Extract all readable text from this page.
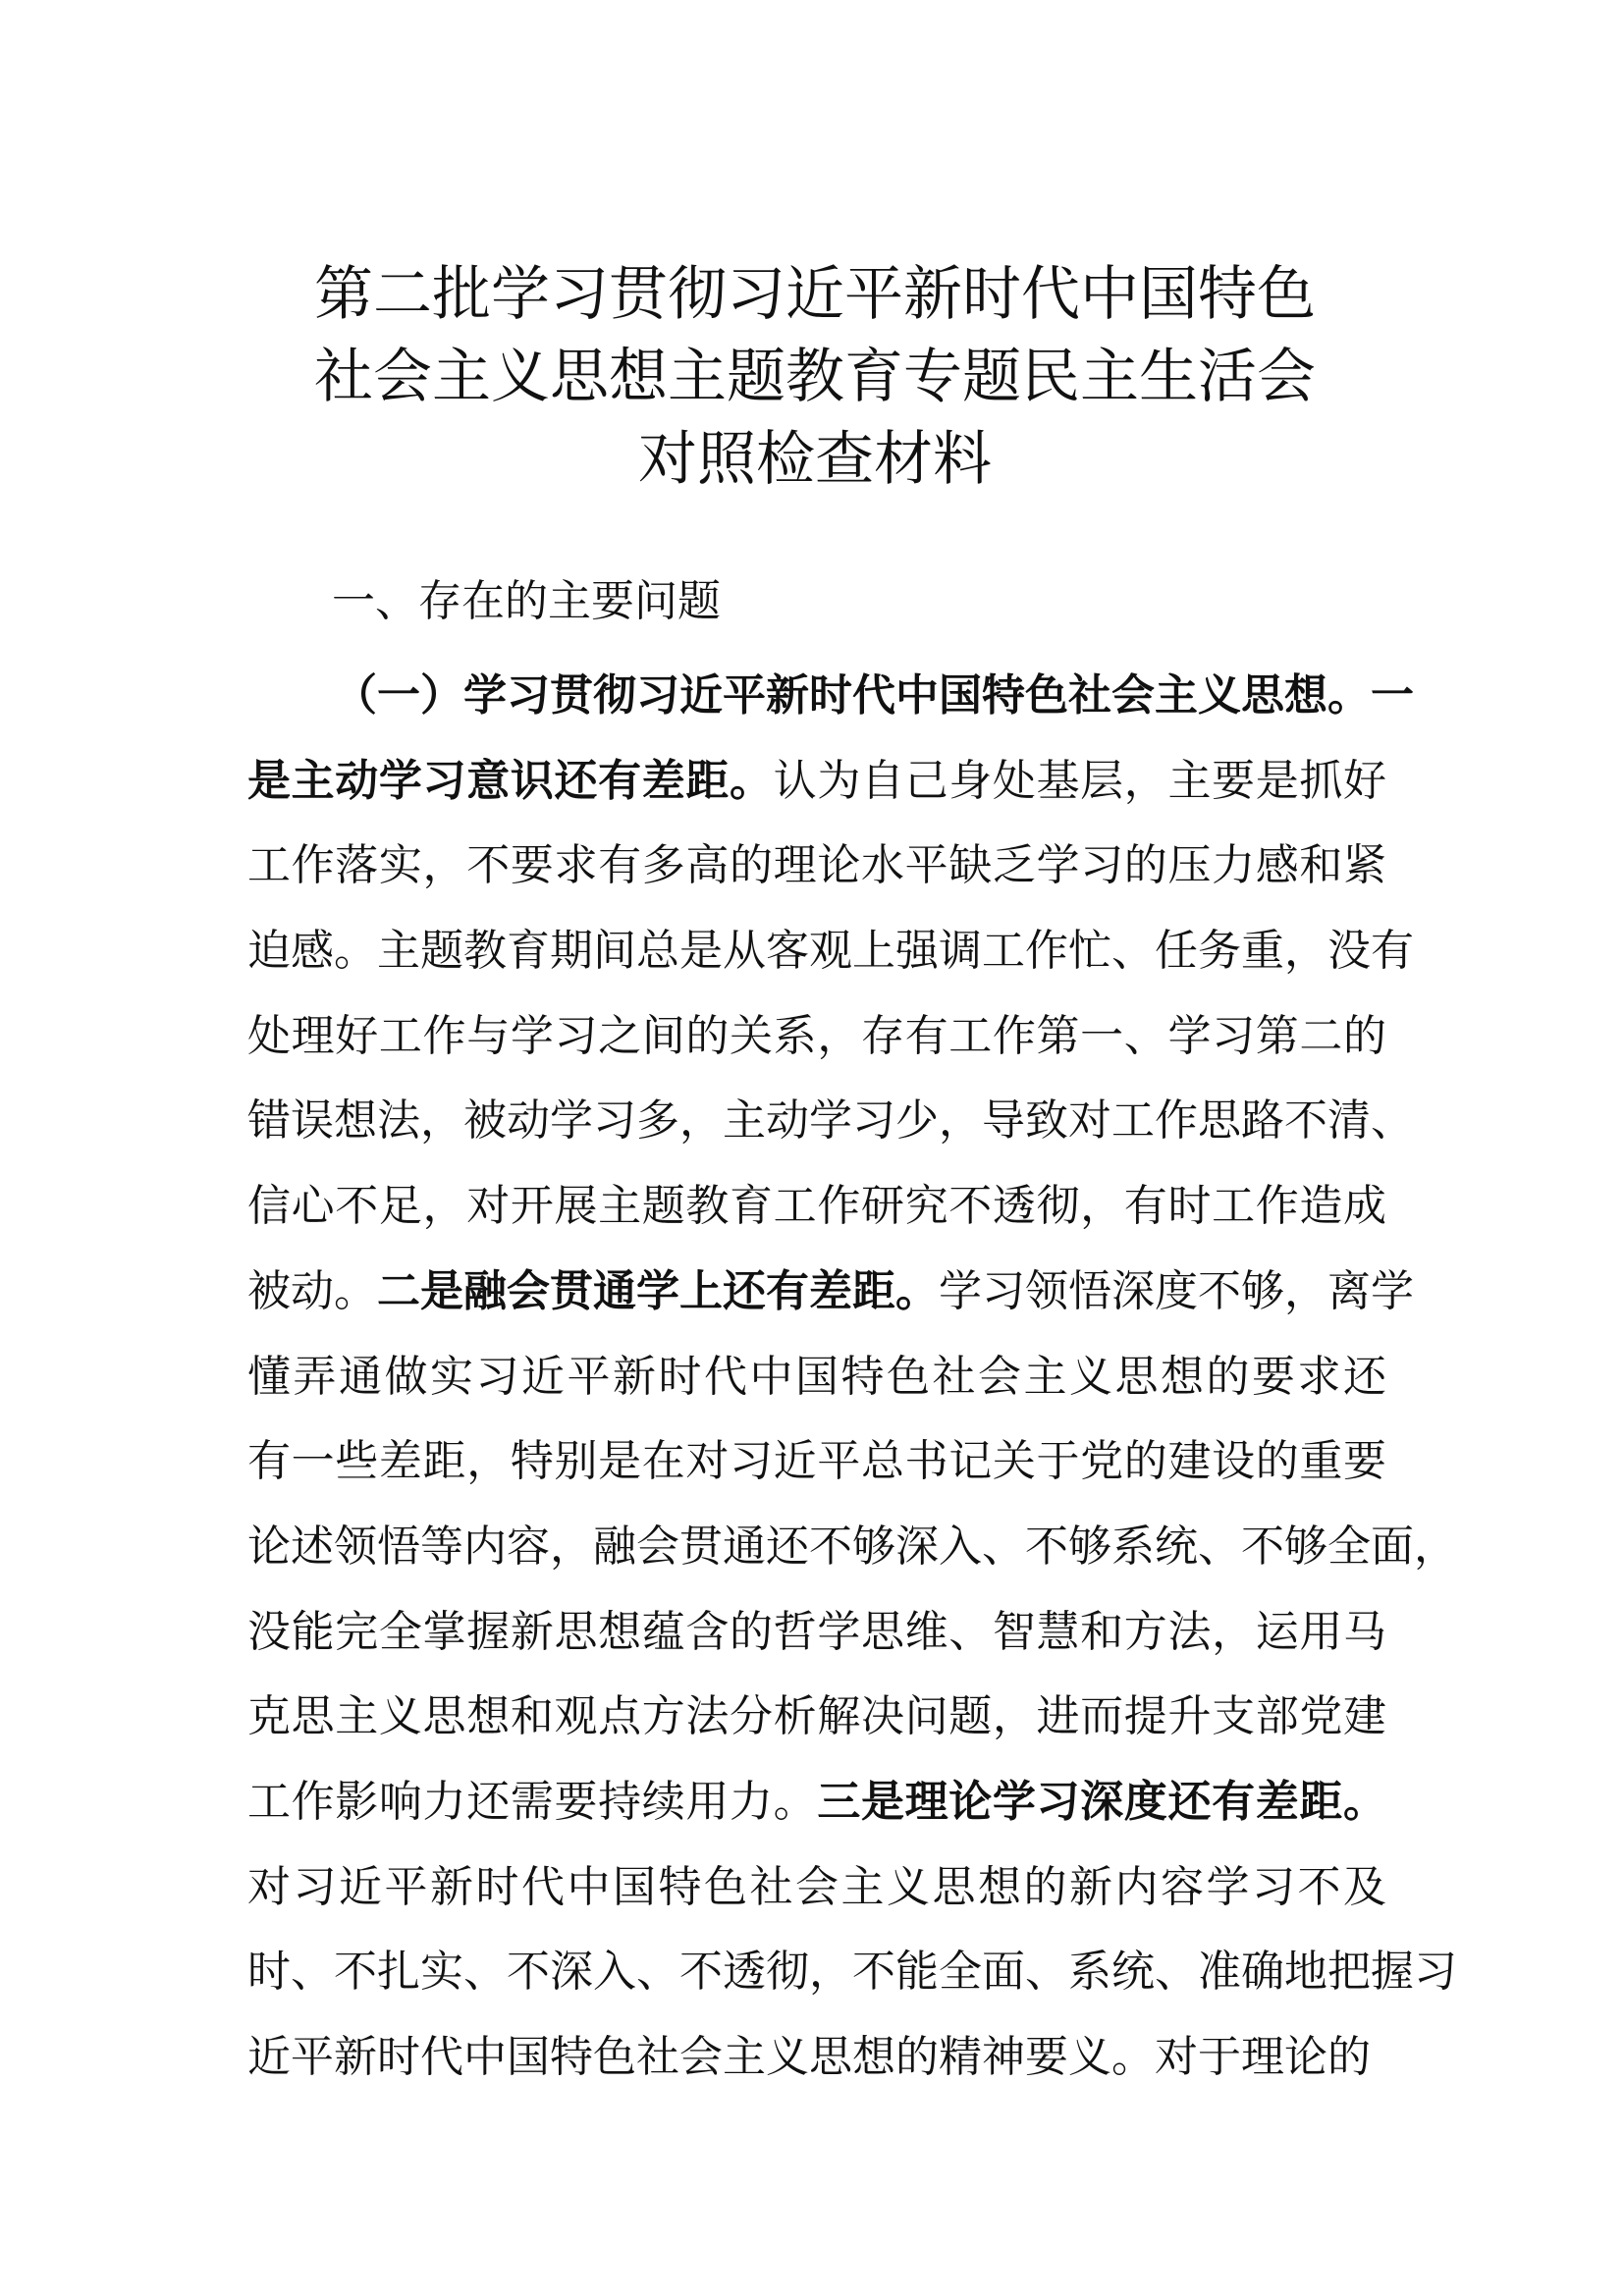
第二批学习贯彻习近平新时代中国特色
社会主义思想主题教育专题民主生活会
对照检查材料
一、存在的主要问题
（一）学习贯彻习近平新时代中国特色社会主义思想。一
是主动学习意识还有差距。认为自己身处基层，主要是抓好
工作落实，不要求有多高的理论水平缺乏学习的压力感和紧
迫感。主题教育期间总是从客观上强调工作忙、任务重，没有
处理好工作与学习之间的关系，存有工作第一、学习第二的
错误想法，被动学习多，主动学习少，导致对工作思路不清、
信心不足，对开展主题教育工作研究不透彻，有时工作造成
被动。二是融会贯通学上还有差距。学习领悟深度不够，离学
懂弄通做实习近平新时代中国特色社会主义思想的要求还
有一些差距，特别是在对习近平总书记关于党的建设的重要
论述领悟等内容，融会贯通还不够深入、不够系统、不够全面，
没能完全掌握新思想蕴含的哲学思维、智慧和方法，运用马
克思主义思想和观点方法分析解决问题，进而提升支部党建
工作影响力还需要持续用力。三是理论学习深度还有差距。
对习近平新时代中国特色社会主义思想的新内容学习不及
时、不扎实、不深入、不透彻，不能全面、系统、准确地把握习
近平新时代中国特色社会主义思想的精神要义。对于理论的
